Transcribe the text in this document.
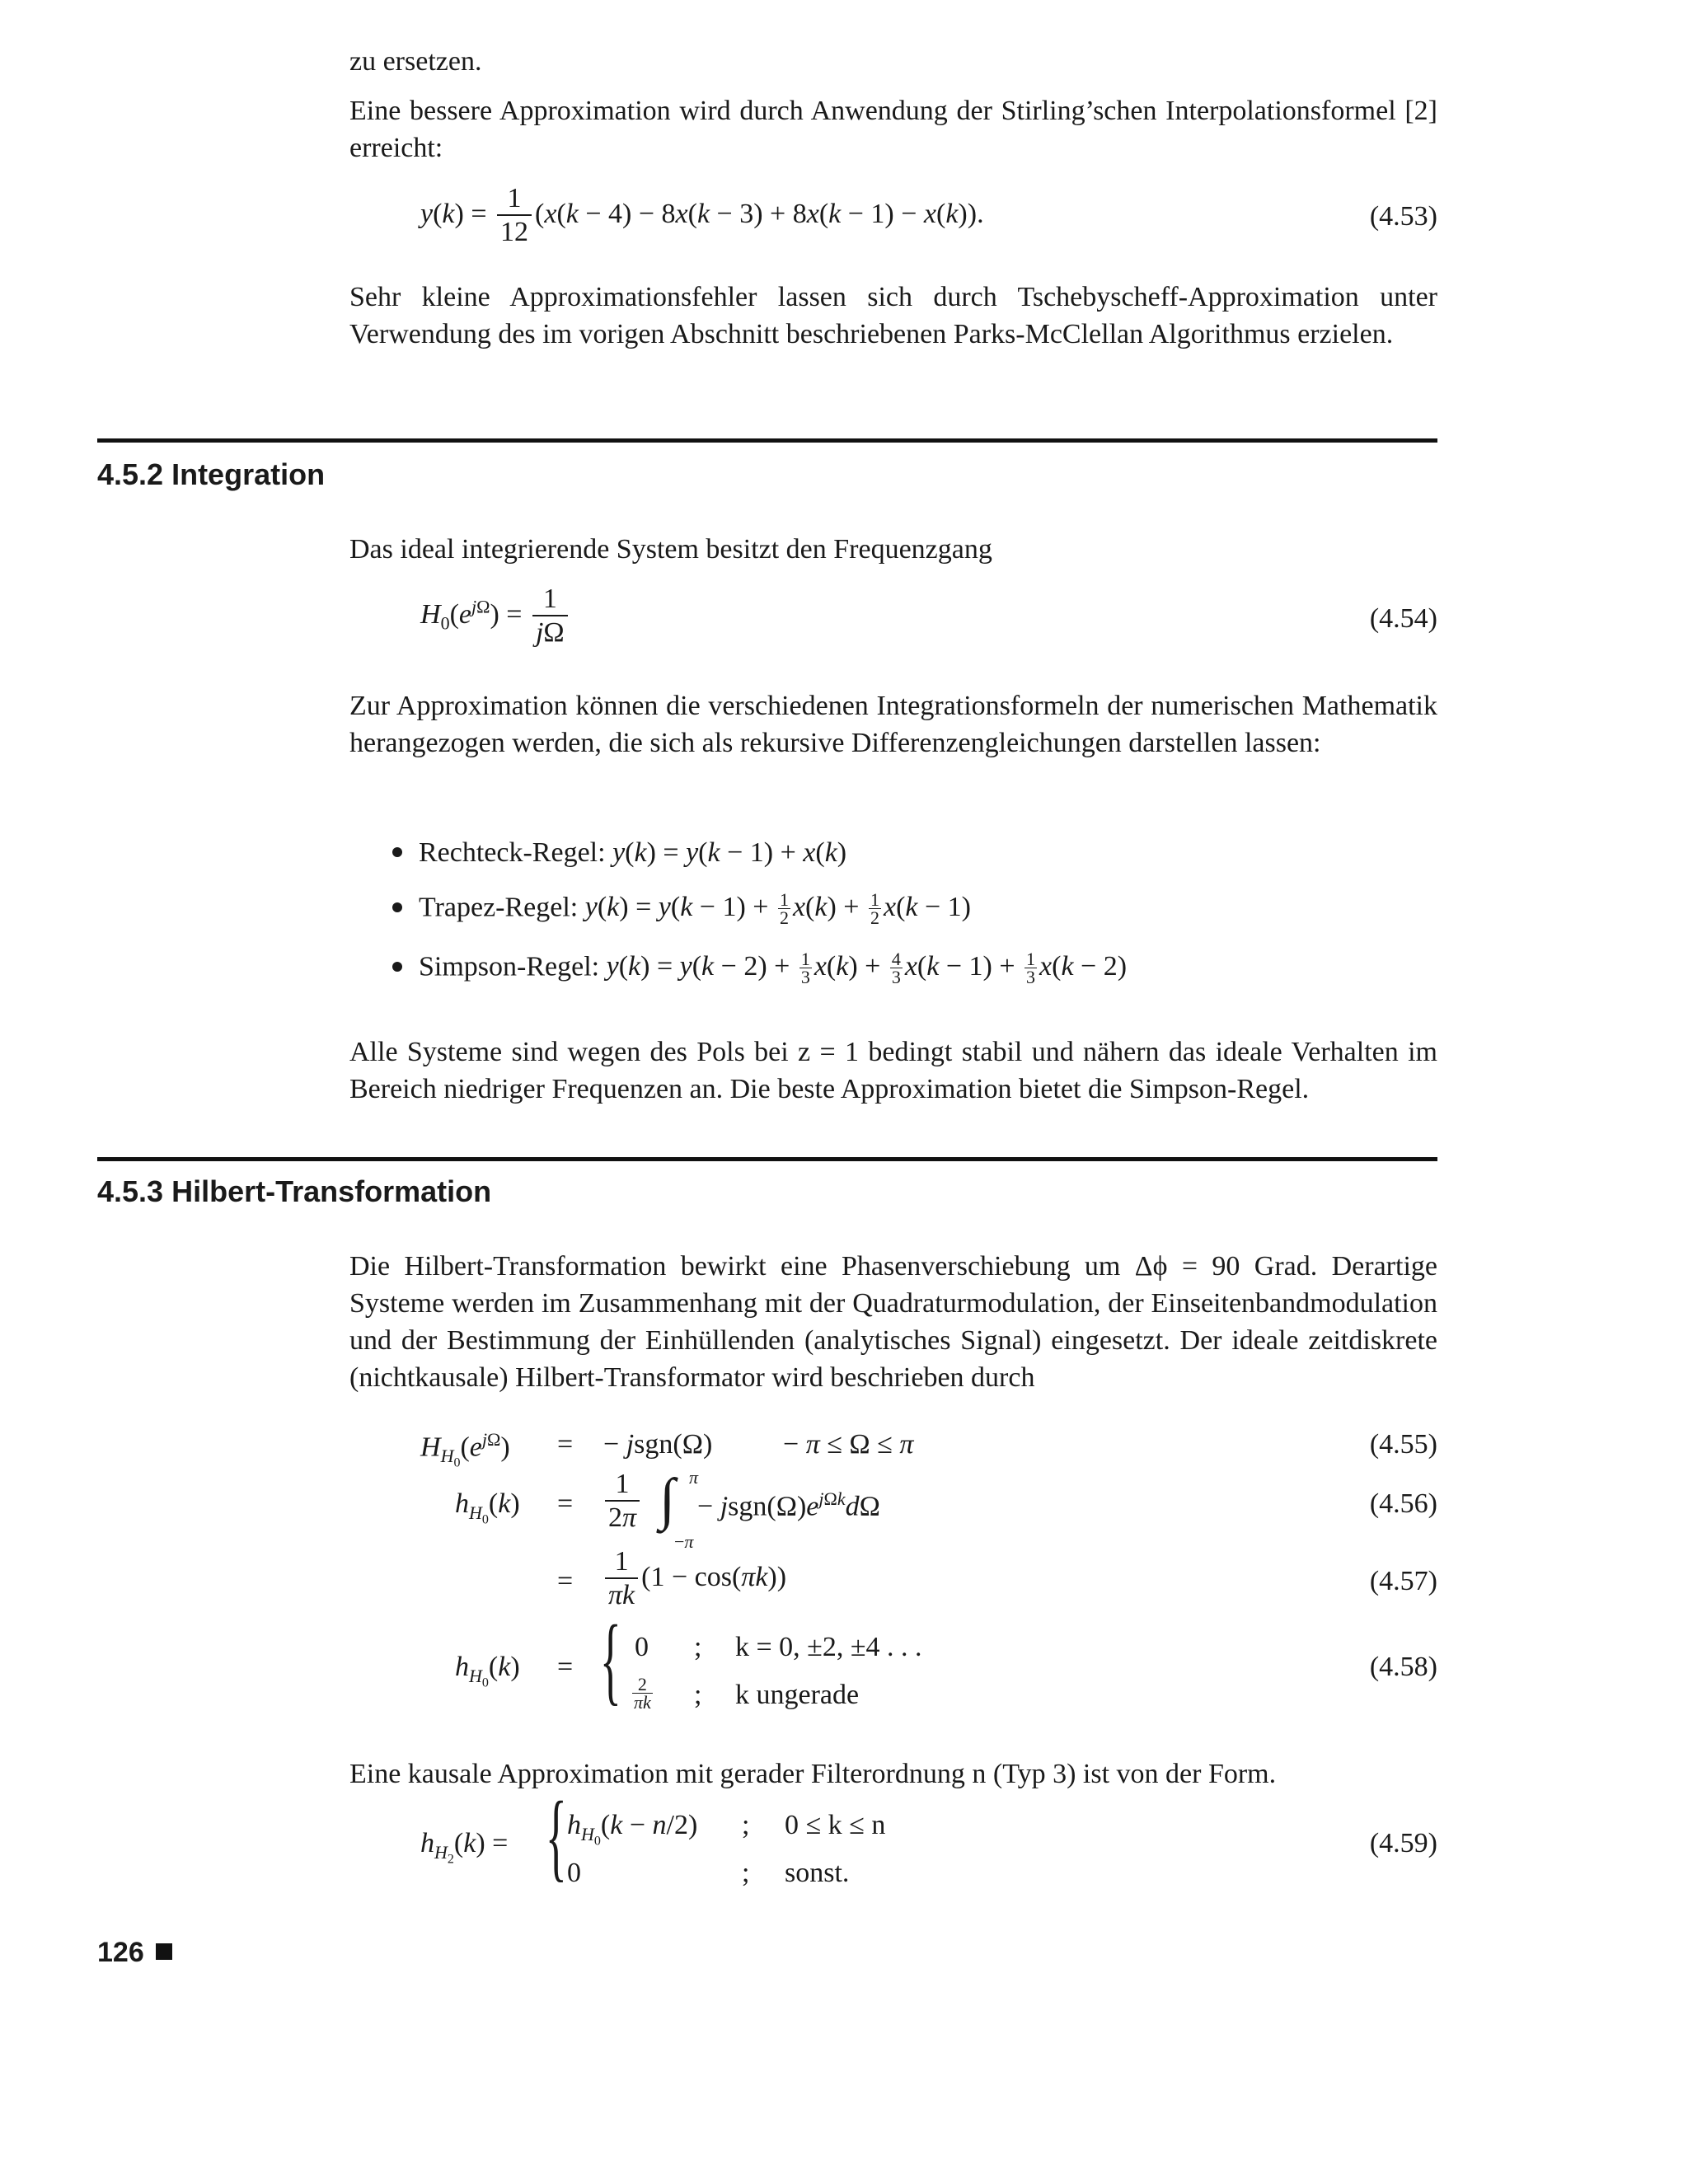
zu ersetzen.

Eine bessere Approximation wird durch Anwendung der Stirling’schen Interpolationsformel [2] erreicht:

$y(k) = \frac{1}{12} (x(k - 4) - 8x(k - 3) + 8x(k - 1) - x(k))$.	(4.53)

Sehr kleine Approximationsfehler lassen sich durch Tschebyscheff-Approximation unter Verwendung des im vorigen Abschnitt beschriebenen Parks-McClellan Algorithmus erzielen.

4.5.2 Integration

Das ideal integrierende System besitzt den Frequenzgang

$H_0(e^{j\Omega}) = \frac{1}{j\Omega}$	(4.54)

Zur Approximation können die verschiedenen Integrationsformeln der numerischen Mathematik herangezogen werden, die sich als rekursive Differenzengleichungen darstellen lassen:

Rechteck-Regel: y(k) = y(k − 1) + x(k)
Trapez-Regel: $y(k) = y(k - 1) + \frac{1}{2} x(k) + \frac{1}{2} x(k - 1)$
Simpson-Regel: $y(k) = y(k - 2) + \frac{1}{3} x(k) + \frac{4}{3} x(k - 1) + \frac{1}{3} x(k - 2)$

Alle Systeme sind wegen des Pols bei z = 1 bedingt stabil und nähern das ideale Verhalten im Bereich niedriger Frequenzen an. Die beste Approximation bietet die Simpson-Regel.

4.5.3 Hilbert-Transformation

Die Hilbert-Transformation bewirkt eine Phasenverschiebung um Δϕ = 90 Grad. Derartige Systeme werden im Zusammenhang mit der Quadraturmodulation, der Einseitenbandmodulation und der Bestimmung der Einhüllenden (analytisches Signal) eingesetzt. Der ideale zeitdiskrete (nichtkausale) Hilbert-Transformator wird beschrieben durch

$H_{H_0}(e^{j\Omega})$ = − jsgn(Ω)	− π ≤ Ω ≤ π	(4.55)
$h_{H_0}(k) = \frac{1}{2\pi}$ ∫ π
−π
− $jsgn(\Omega)e^{j\Omega k}d\Omega$	(4.56)
= $\frac{1}{\pi k} (1 - \cos(\pi k))$	(4.57)
$h_{H_0}(k)$ = { 0 ; k = 0, ±2, ±4 . . .
$\frac{2}{\pi k}$ ; k ungerade
(4.58)

Eine kausale Approximation mit gerader Filterordnung n (Typ 3) ist von der Form.

$h_{H_2}(k)$ = { $h_{H_0}(k - n/2)$ ; 0 ≤ k ≤ n
0	; sonst.
(4.59)
126
